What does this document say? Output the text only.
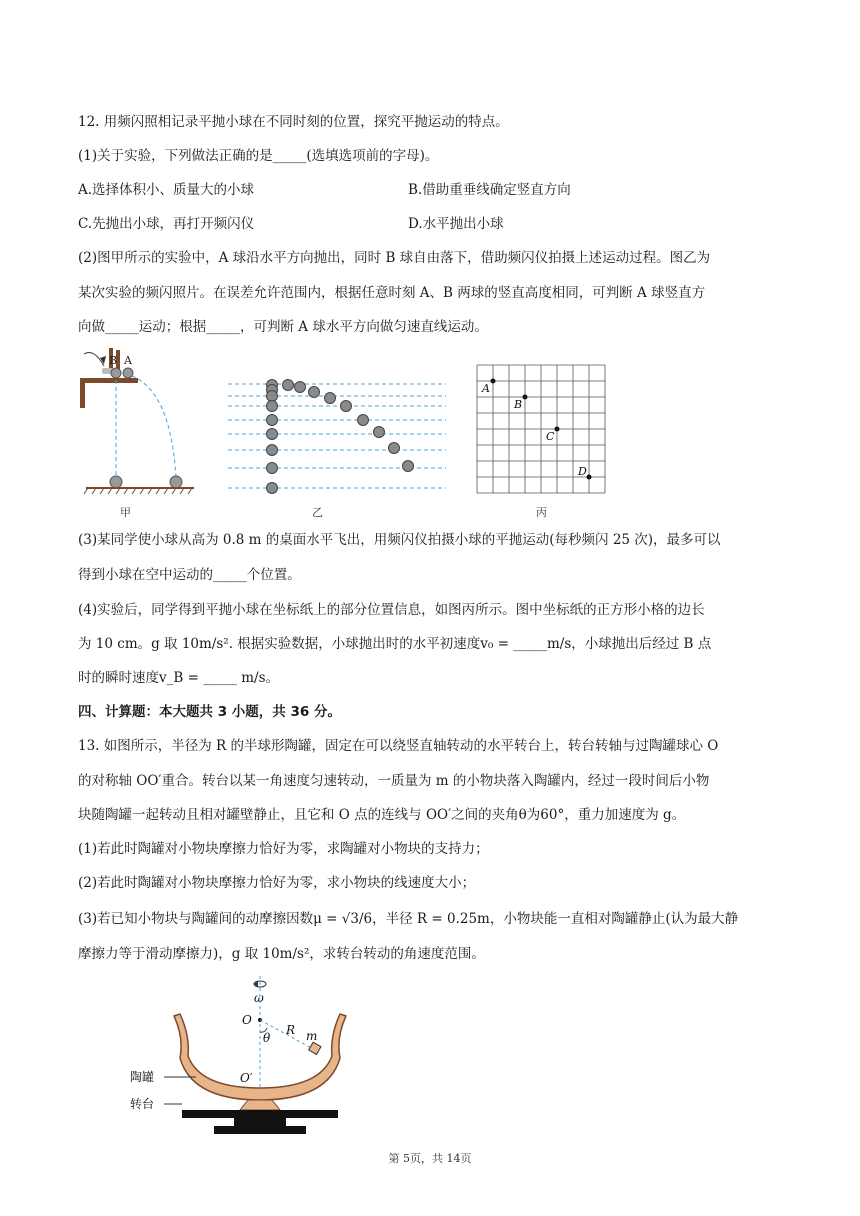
12. 用频闪照相记录平抛小球在不同时刻的位置，探究平抛运动的特点。
(1)关于实验，下列做法正确的是_____(选填选项前的字母)。
A.选择体积小、质量大的小球	B.借助重垂线确定竖直方向
C.先抛出小球，再打开频闪仪	D.水平抛出小球
(2)图甲所示的实验中，A 球沿水平方向抛出，同时 B 球自由落下，借助频闪仪拍摄上述运动过程。图乙为
某次实验的频闪照片。在误差允许范围内，根据任意时刻 A、B 两球的竖直高度相同，可判断 A 球竖直方
向做_____运动；根据_____，可判断 A 球水平方向做匀速直线运动。
B A
甲	乙
A
B
C
D
丙
(3)某同学使小球从高为 0.8 m 的桌面水平飞出，用频闪仪拍摄小球的平抛运动(每秒频闪 25 次)，最多可以
得到小球在空中运动的_____个位置。
(4)实验后，同学得到平抛小球在坐标纸上的部分位置信息，如图丙所示。图中坐标纸的正方形小格的边长
为 10 cm。g 取 10m/s². 根据实验数据，小球抛出时的水平初速度v₀ = _____m/s，小球抛出后经过 B 点
时的瞬时速度v_B = _____ m/s。
四、计算题：本大题共 3 小题，共 36 分。
13. 如图所示，半径为 R 的半球形陶罐，固定在可以绕竖直轴转动的水平转台上，转台转轴与过陶罐球心 O
的对称轴 OO′重合。转台以某一角速度匀速转动，一质量为 m 的小物块落入陶罐内，经过一段时间后小物
块随陶罐一起转动且相对罐壁静止，且它和 O 点的连线与 OO′之间的夹角θ为60°，重力加速度为 g。
(1)若此时陶罐对小物块摩擦力恰好为零，求陶罐对小物块的支持力；
(2)若此时陶罐对小物块摩擦力恰好为零，求小物块的线速度大小；
(3)若已知小物块与陶罐间的动摩擦因数μ = √3/6，半径 R = 0.25m，小物块能一直相对陶罐静止(认为最大静
摩擦力等于滑动摩擦力)，g 取 10m/s²，求转台转动的角速度范围。
ω
O
R m
θ
O′
陶罐
转台
第 5页，共 14页
